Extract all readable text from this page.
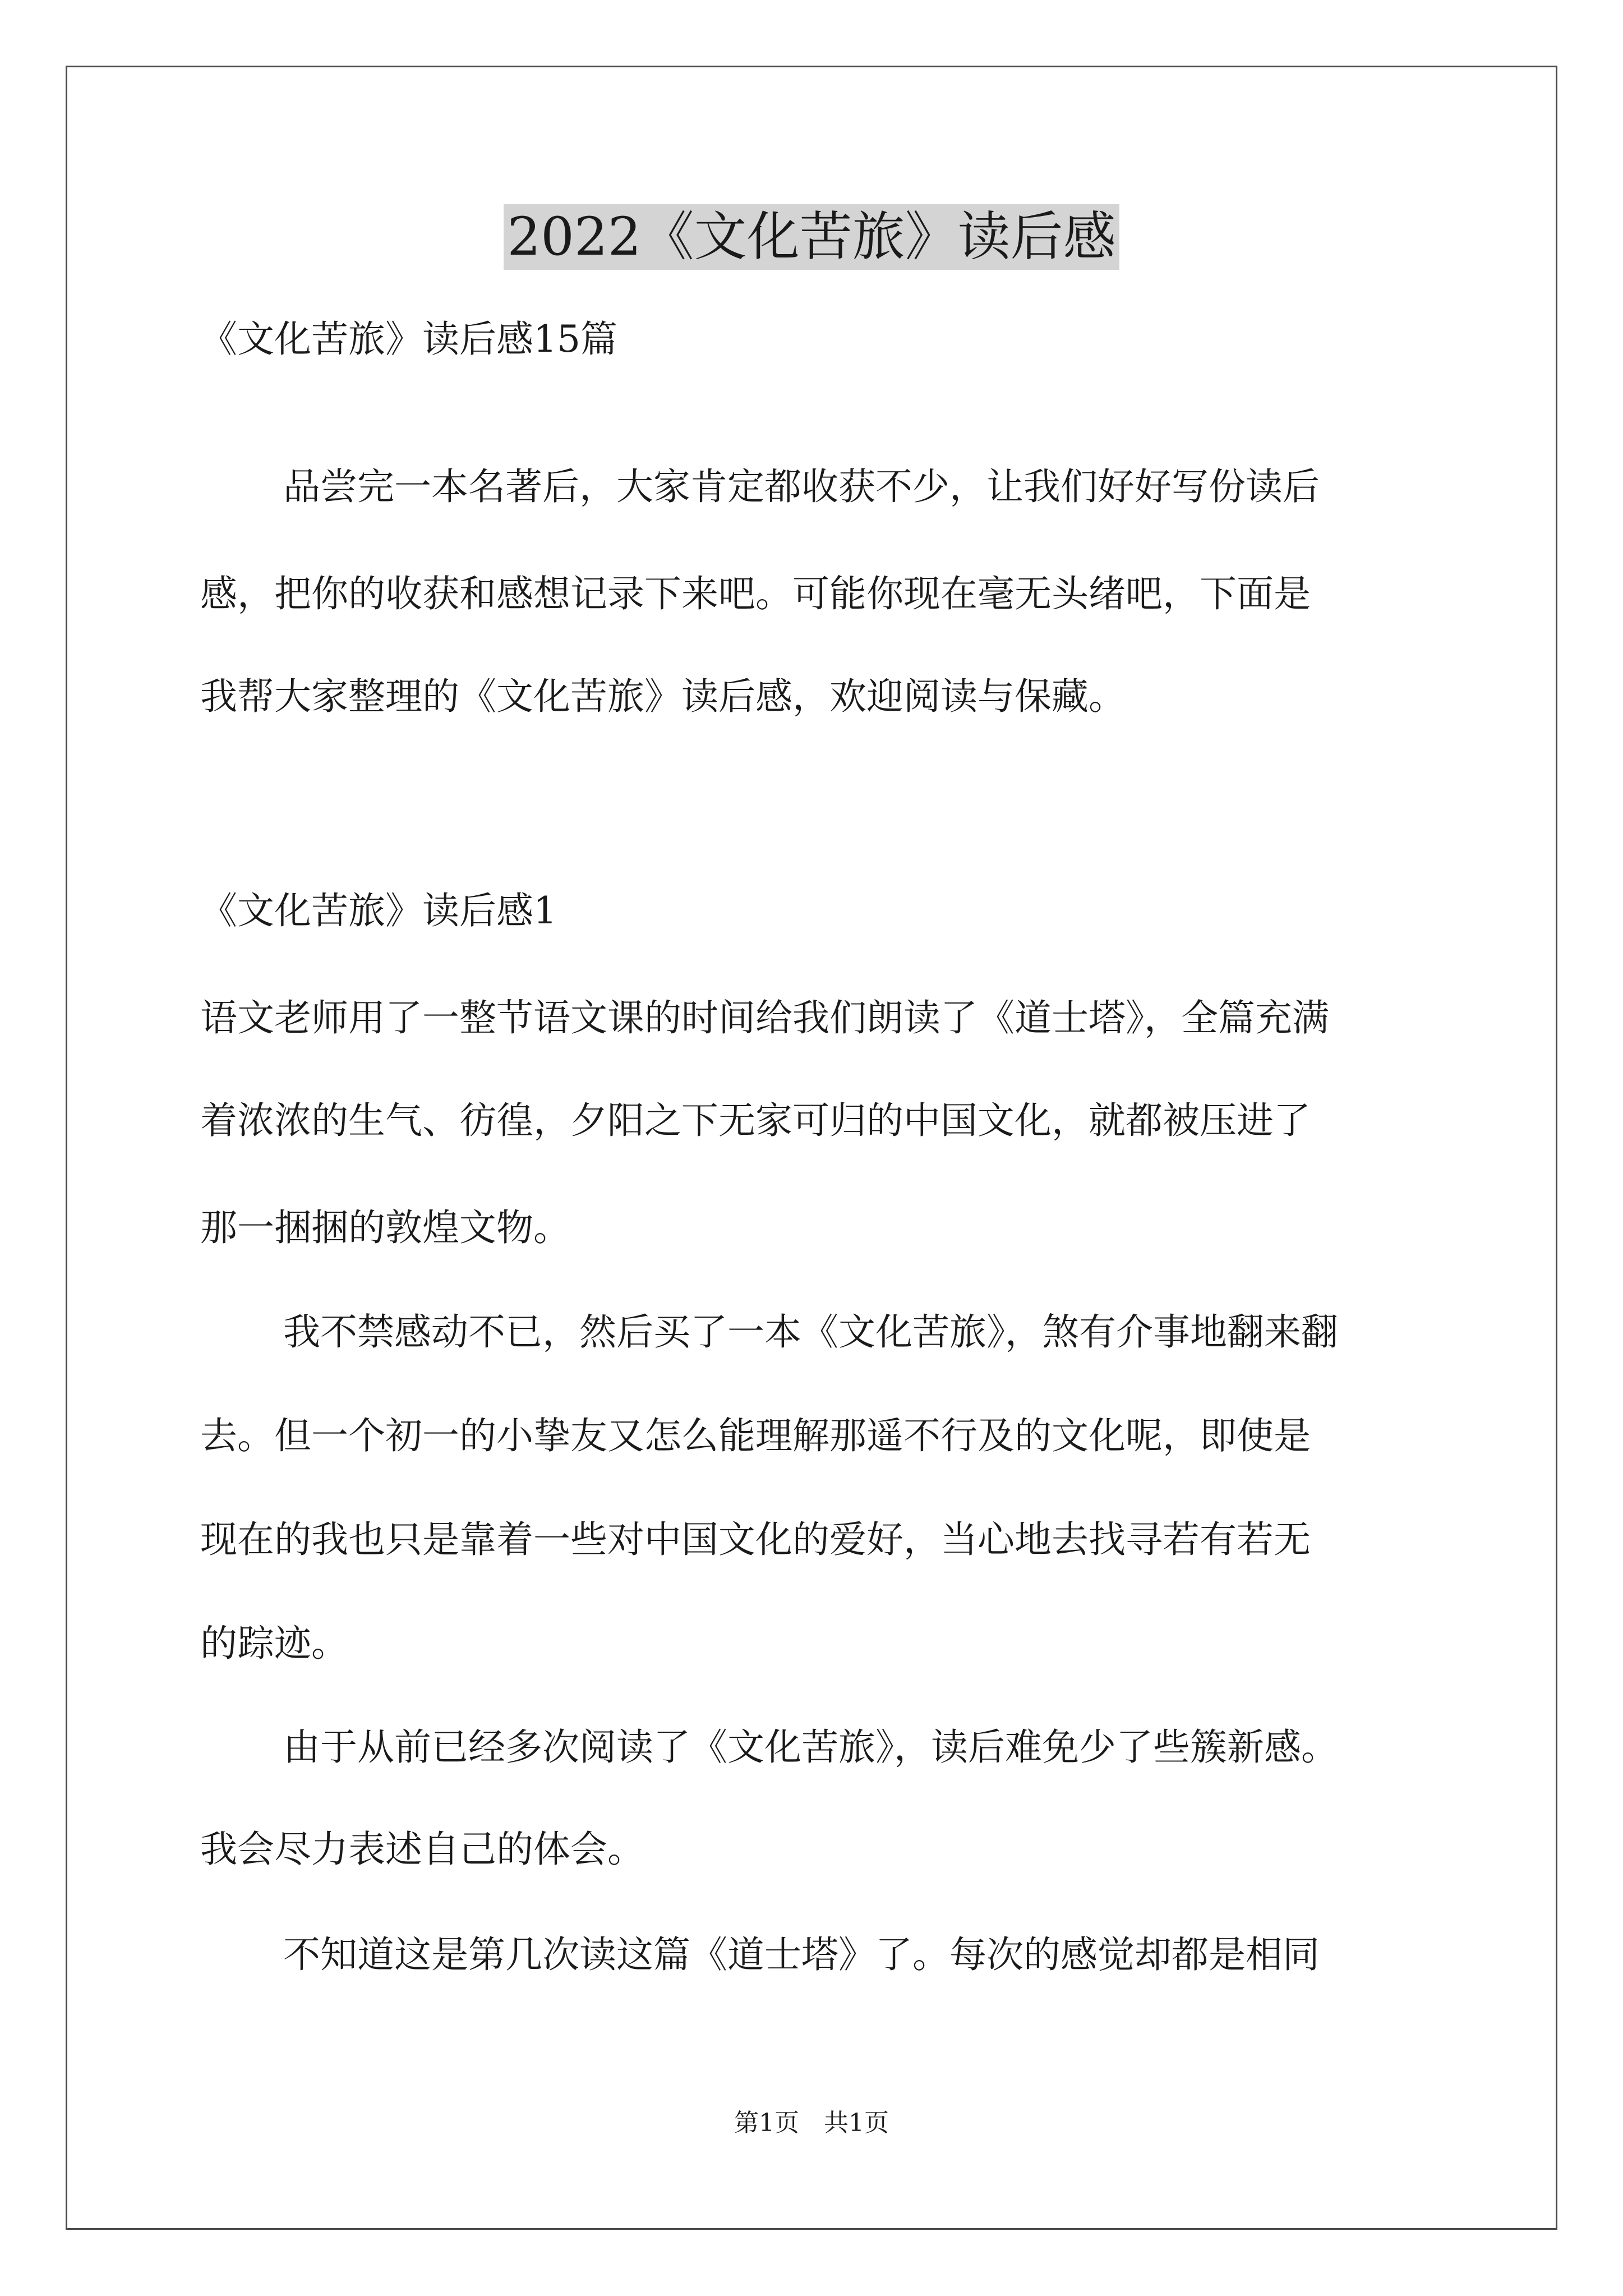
2022《文化苦旅》读后感

《文化苦旅》读后感15篇

品尝完一本名著后，大家肯定都收获不少，让我们好好写份读后

感，把你的收获和感想记录下来吧。可能你现在毫无头绪吧，下面是

我帮大家整理的《文化苦旅》读后感，欢迎阅读与保藏。

《文化苦旅》读后感1

语文老师用了一整节语文课的时间给我们朗读了《道士塔》，全篇充满

着浓浓的生气、彷徨，夕阳之下无家可归的中国文化，就都被压进了

那一捆捆的敦煌文物。

我不禁感动不已，然后买了一本《文化苦旅》，煞有介事地翻来翻

去。但一个初一的小挚友又怎么能理解那遥不行及的文化呢，即使是

现在的我也只是靠着一些对中国文化的爱好，当心地去找寻若有若无

的踪迹。

由于从前已经多次阅读了《文化苦旅》，读后难免少了些簇新感。

我会尽力表述自己的体会。

不知道这是第几次读这篇《道士塔》了。每次的感觉却都是相同

第1页　共1页
